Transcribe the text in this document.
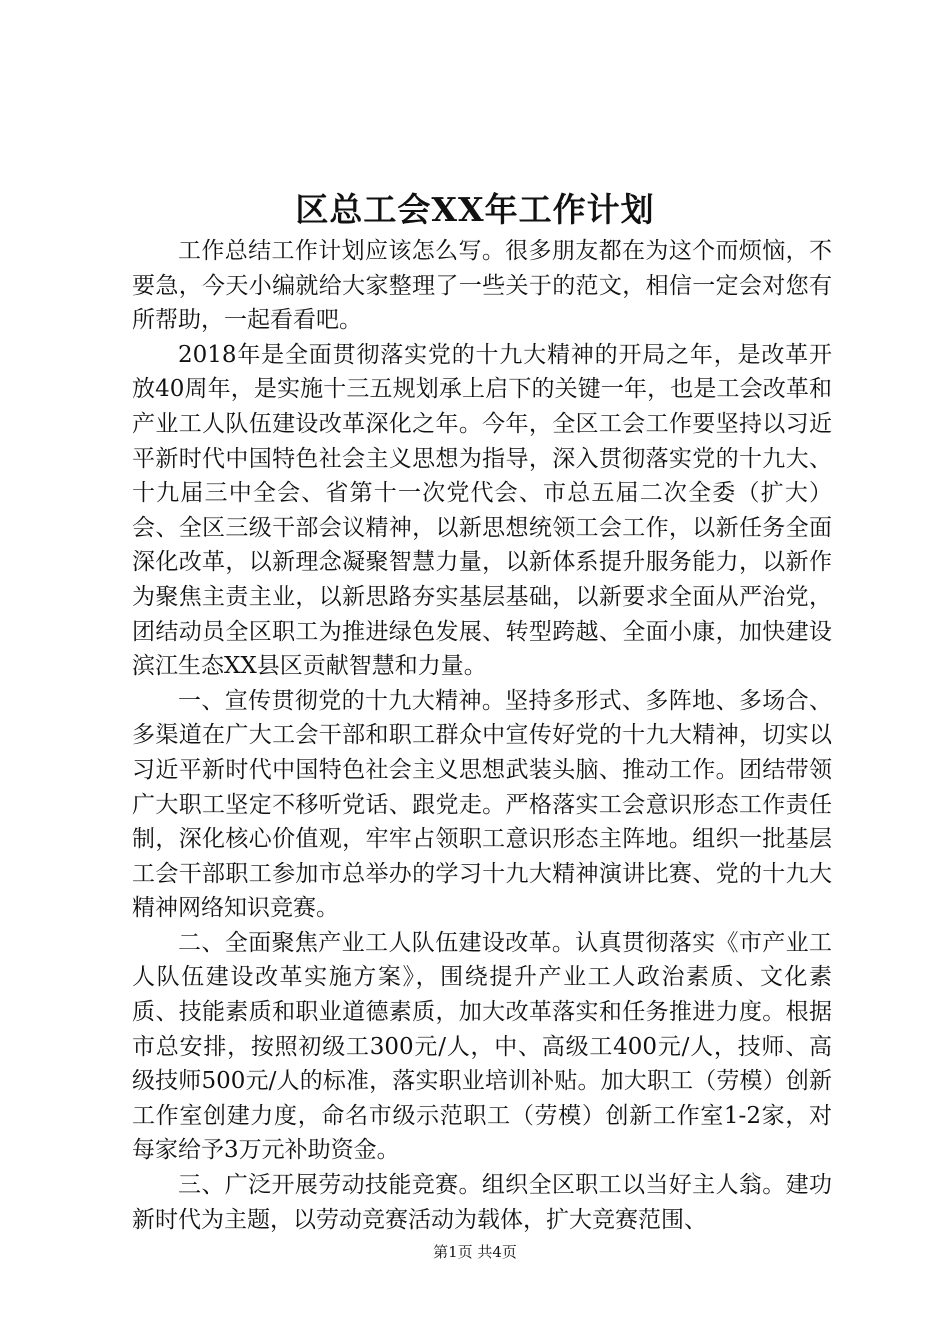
区总工会XX年工作计划

工作总结工作计划应该怎么写。很多朋友都在为这个而烦恼，不要急，今天小编就给大家整理了一些关于的范文，相信一定会对您有所帮助，一起看看吧。

2018年是全面贯彻落实党的十九大精神的开局之年，是改革开放40周年，是实施十三五规划承上启下的关键一年，也是工会改革和产业工人队伍建设改革深化之年。今年，全区工会工作要坚持以习近平新时代中国特色社会主义思想为指导，深入贯彻落实党的十九大、十九届三中全会、省第十一次党代会、市总五届二次全委（扩大）会、全区三级干部会议精神，以新思想统领工会工作，以新任务全面深化改革，以新理念凝聚智慧力量，以新体系提升服务能力，以新作为聚焦主责主业，以新思路夯实基层基础，以新要求全面从严治党，团结动员全区职工为推进绿色发展、转型跨越、全面小康，加快建设滨江生态XX县区贡献智慧和力量。

一、宣传贯彻党的十九大精神。坚持多形式、多阵地、多场合、多渠道在广大工会干部和职工群众中宣传好党的十九大精神，切实以习近平新时代中国特色社会主义思想武装头脑、推动工作。团结带领广大职工坚定不移听党话、跟党走。严格落实工会意识形态工作责任制，深化核心价值观，牢牢占领职工意识形态主阵地。组织一批基层工会干部职工参加市总举办的学习十九大精神演讲比赛、党的十九大精神网络知识竞赛。

二、全面聚焦产业工人队伍建设改革。认真贯彻落实《市产业工人队伍建设改革实施方案》，围绕提升产业工人政治素质、文化素质、技能素质和职业道德素质，加大改革落实和任务推进力度。根据市总安排，按照初级工300元/人，中、高级工400元/人，技师、高级技师500元/人的标准，落实职业培训补贴。加大职工（劳模）创新工作室创建力度，命名市级示范职工（劳模）创新工作室1-2家，对每家给予3万元补助资金。

三、广泛开展劳动技能竞赛。组织全区职工以当好主人翁。建功新时代为主题，以劳动竞赛活动为载体，扩大竞赛范围、

第1页 共4页
